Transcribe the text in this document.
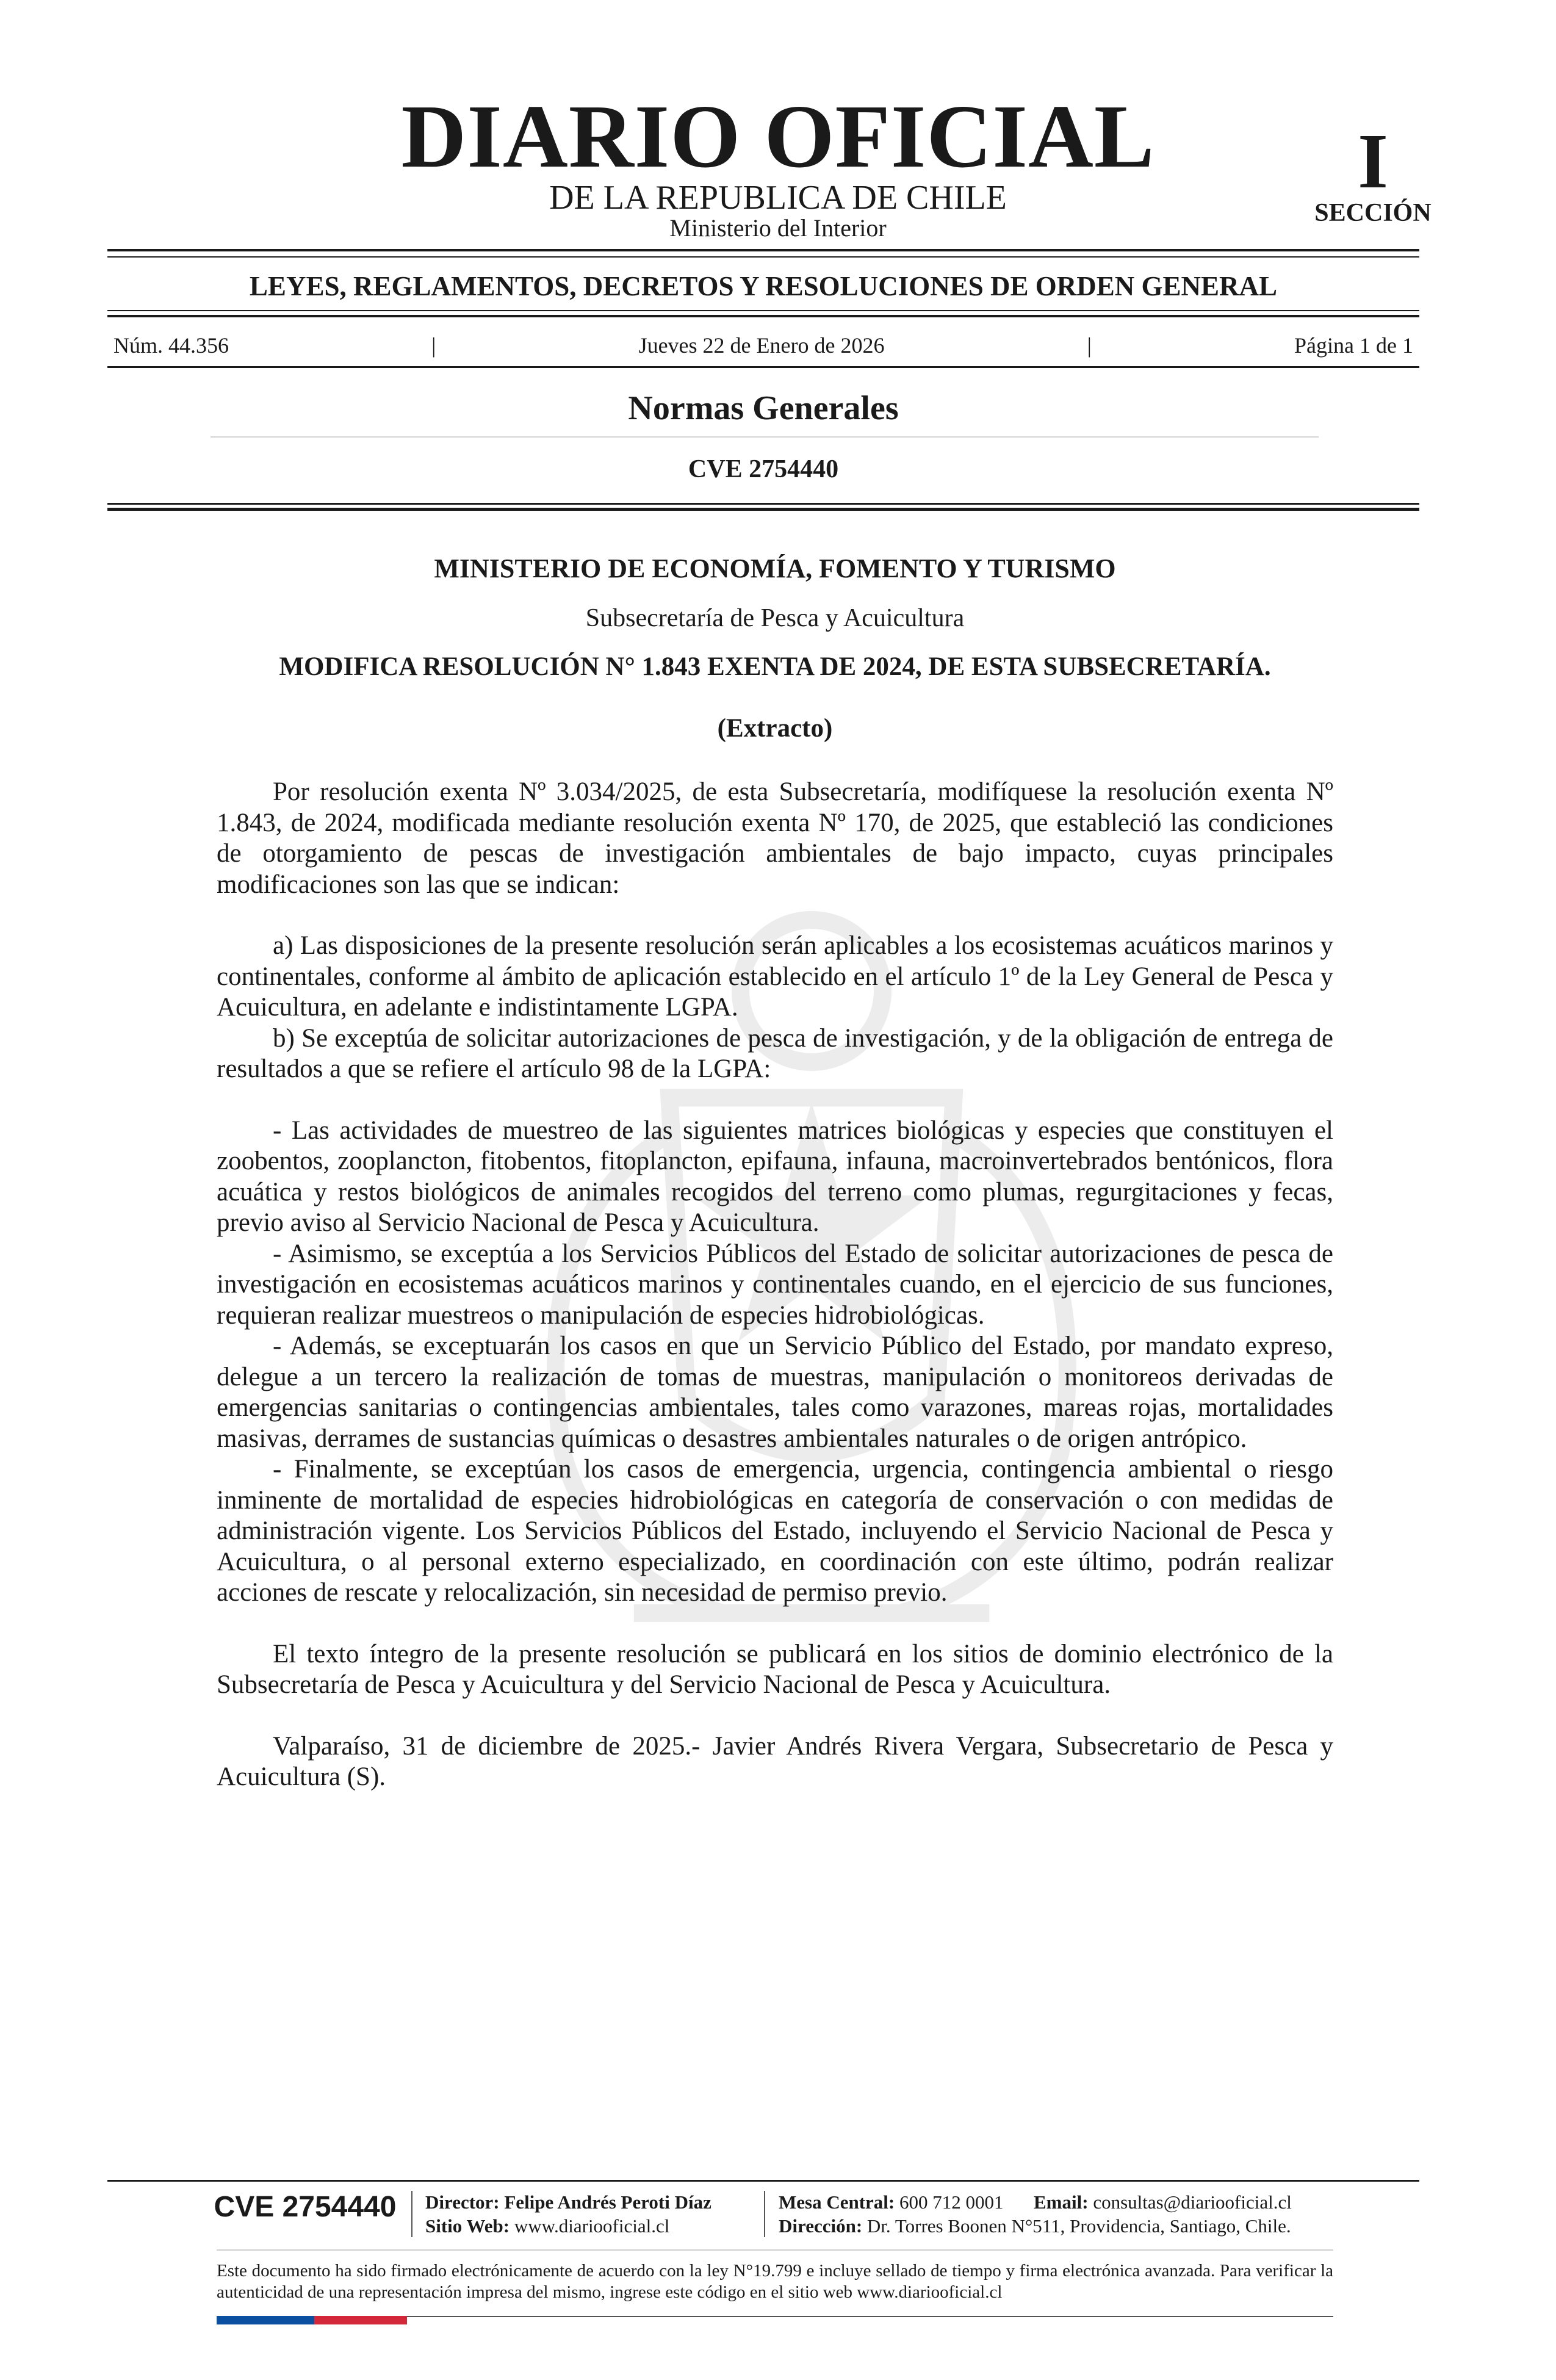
DIARIO OFICIAL
DE LA REPUBLICA DE CHILE
Ministerio del Interior
I
SECCIÓN
LEYES, REGLAMENTOS, DECRETOS Y RESOLUCIONES DE ORDEN GENERAL
Núm. 44.356	|	Jueves 22 de Enero de 2026	|	Página 1 de 1
Normas Generales
CVE 2754440
MINISTERIO DE ECONOMÍA, FOMENTO Y TURISMO
Subsecretaría de Pesca y Acuicultura
MODIFICA RESOLUCIÓN N° 1.843 EXENTA DE 2024, DE ESTA SUBSECRETARÍA.
(Extracto)

Por resolución exenta Nº 3.034/2025, de esta Subsecretaría, modifíquese la resolución exenta Nº 1.843, de 2024, modificada mediante resolución exenta Nº 170, de 2025, que estableció las condiciones de otorgamiento de pescas de investigación ambientales de bajo impacto, cuyas principales modificaciones son las que se indican:

a) Las disposiciones de la presente resolución serán aplicables a los ecosistemas acuáticos marinos y continentales, conforme al ámbito de aplicación establecido en el artículo 1º de la Ley General de Pesca y Acuicultura, en adelante e indistintamente LGPA.

b) Se exceptúa de solicitar autorizaciones de pesca de investigación, y de la obligación de entrega de resultados a que se refiere el artículo 98 de la LGPA:

- Las actividades de muestreo de las siguientes matrices biológicas y especies que constituyen el zoobentos, zooplancton, fitobentos, fitoplancton, epifauna, infauna, macroinvertebrados bentónicos, flora acuática y restos biológicos de animales recogidos del terreno como plumas, regurgitaciones y fecas, previo aviso al Servicio Nacional de Pesca y Acuicultura.

- Asimismo, se exceptúa a los Servicios Públicos del Estado de solicitar autorizaciones de pesca de investigación en ecosistemas acuáticos marinos y continentales cuando, en el ejercicio de sus funciones, requieran realizar muestreos o manipulación de especies hidrobiológicas.

- Además, se exceptuarán los casos en que un Servicio Público del Estado, por mandato expreso, delegue a un tercero la realización de tomas de muestras, manipulación o monitoreos derivadas de emergencias sanitarias o contingencias ambientales, tales como varazones, mareas rojas, mortalidades masivas, derrames de sustancias químicas o desastres ambientales naturales o de origen antrópico.

- Finalmente, se exceptúan los casos de emergencia, urgencia, contingencia ambiental o riesgo inminente de mortalidad de especies hidrobiológicas en categoría de conservación o con medidas de administración vigente. Los Servicios Públicos del Estado, incluyendo el Servicio Nacional de Pesca y Acuicultura, o al personal externo especializado, en coordinación con este último, podrán realizar acciones de rescate y relocalización, sin necesidad de permiso previo.

El texto íntegro de la presente resolución se publicará en los sitios de dominio electrónico de la Subsecretaría de Pesca y Acuicultura y del Servicio Nacional de Pesca y Acuicultura.

Valparaíso, 31 de diciembre de 2025.- Javier Andrés Rivera Vergara, Subsecretario de Pesca y Acuicultura (S).

CVE 2754440	Director: Felipe Andrés Peroti Díaz
Sitio Web: www.diariooficial.cl
Mesa Central: 600 712 0001 Email: consultas@diariooficial.cl
Dirección: Dr. Torres Boonen N°511, Providencia, Santiago, Chile.
Este documento ha sido firmado electrónicamente de acuerdo con la ley N°19.799 e incluye sellado de tiempo y firma electrónica avanzada. Para verificar la autenticidad de una representación impresa del mismo, ingrese este código en el sitio web www.diariooficial.cl
